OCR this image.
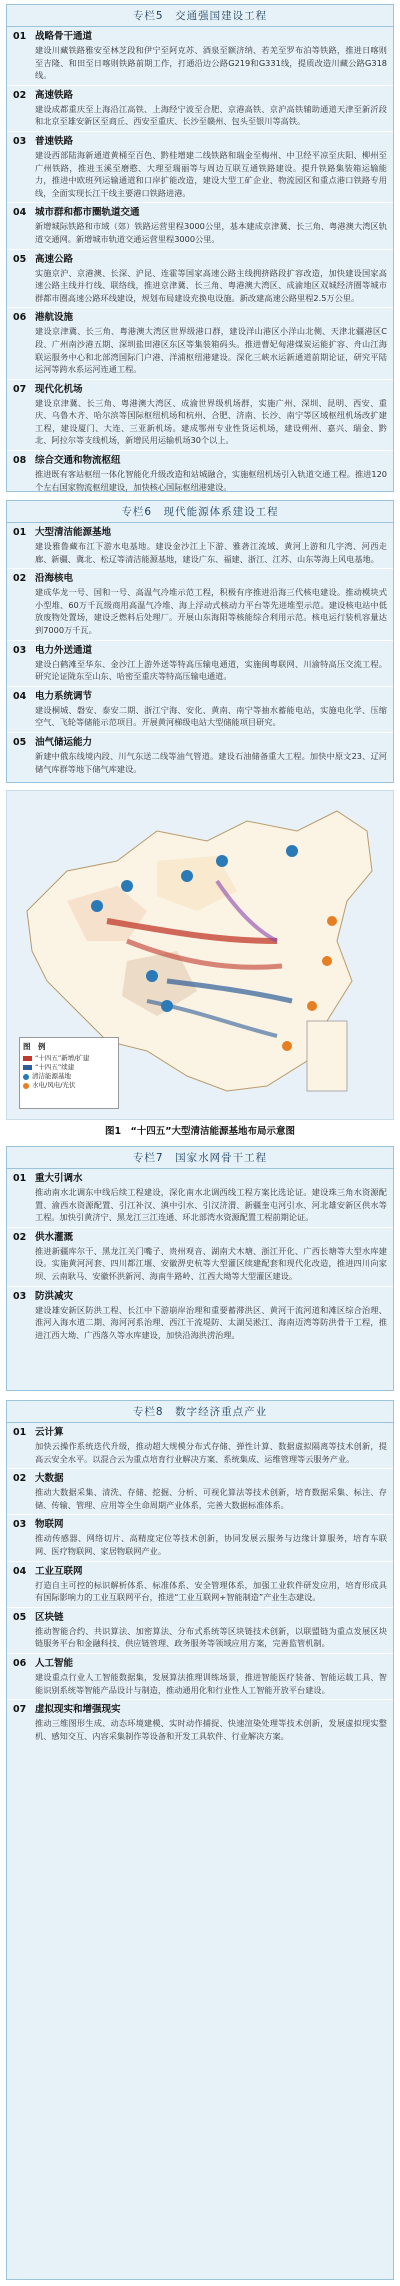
专栏5　交通强国建设工程
01 战略骨干通道
建设川藏铁路雅安至林芝段和伊宁至阿克苏、酒泉至额济纳、若羌至罗布泊等铁路，推进日喀则至吉隆、和田至日喀则铁路前期工作，打通沿边公路G219和G331线，提质改造川藏公路G318线。
02 高速铁路
建设成都重庆至上海沿江高铁、上海经宁波至合肥、京港高铁、京沪高铁辅助通道天津至新沂段和北京至雄安新区至商丘、西安至重庆、长沙至赣州、包头至银川等高铁。
03 普速铁路
建设西部陆海新通道黄桶至百色、黔桂增建二线铁路和瑞金至梅州、中卫经平凉至庆阳、柳州至广州铁路，推进玉溪至磨憨、大理至瑞丽等与周边互联互通铁路建设。提升铁路集装箱运输能力，推进中欧班列运输通道和口岸扩能改造，建设大型工矿企业、物流园区和重点港口铁路专用线，全面实现长江干线主要港口铁路进港。
04 城市群和都市圈轨道交通
新增城际铁路和市域（郊）铁路运营里程3000公里，基本建成京津冀、长三角、粤港澳大湾区轨道交通网。新增城市轨道交通运营里程3000公里。
05 高速公路
实施京沪、京港澳、长深、沪昆、连霍等国家高速公路主线拥挤路段扩容改造，加快建设国家高速公路主线并行线、联络线，推进京津冀、长三角、粤港澳大湾区、成渝地区双城经济圈等城市群都市圈高速公路环线建设，规划布局建设充换电设施。新改建高速公路里程2.5万公里。
06 港航设施
建设京津冀、长三角、粤港澳大湾区世界级港口群，建设洋山港区小洋山北侧、天津北疆港区C段、广州南沙港五期、深圳盐田港区东区等集装箱码头。推进曹妃甸港煤炭运能扩容、舟山江海联运服务中心和北部湾国际门户港、洋浦枢纽港建设。深化三峡水运新通道前期论证，研究平陆运河等跨水系运河连通工程。
07 现代化机场
建设京津冀、长三角、粤港澳大湾区、成渝世界级机场群，实施广州、深圳、昆明、西安、重庆、乌鲁木齐、哈尔滨等国际枢纽机场和杭州、合肥、济南、长沙、南宁等区域枢纽机场改扩建工程，建设厦门、大连、三亚新机场。建成鄂州专业性货运机场，建设朔州、嘉兴、瑞金、黔北、阿拉尔等支线机场，新增民用运输机场30个以上。
08 综合交通和物流枢纽
推进既有客站枢纽一体化智能化升级改造和站城融合，实施枢纽机场引入轨道交通工程。推进120个左右国家物流枢纽建设，加快核心国际枢纽港建设。
专栏6　现代能源体系建设工程
01 大型清洁能源基地
建设雅鲁藏布江下游水电基地。建设金沙江上下游、雅砻江流域、黄河上游和几字湾、河西走廊、新疆、冀北、松辽等清洁能源基地，建设广东、福建、浙江、江苏、山东等海上风电基地。
02 沿海核电
建成华龙一号、国和一号、高温气冷堆示范工程，积极有序推进沿海三代核电建设。推动模块式小型堆、60万千瓦级商用高温气冷堆、海上浮动式核动力平台等先进堆型示范。建设核电站中低放废物处置场，建设乏燃料后处理厂。开展山东海阳等核能综合利用示范。核电运行装机容量达到7000万千瓦。
03 电力外送通道
建设白鹤滩至华东、金沙江上游外送等特高压输电通道，实施闽粤联网、川渝特高压交流工程。研究论证陇东至山东、哈密至重庆等特高压输电通道。
04 电力系统调节
建设桐城、磐安、泰安二期、浙江宁海、安化、黄南、南宁等抽水蓄能电站，实施电化学、压缩空气、飞轮等储能示范项目。开展黄河梯级电站大型储能项目研究。
05 油气储运能力
新建中俄东线境内段、川气东送二线等油气管道。建设石油储备重大工程。加快中原文23、辽河储气库群等地下储气库建设。
图　例
“十四五”新增/扩建
“十四五”续建
清洁能源基地
水电/风电/光伏
图1　“十四五”大型清洁能源基地布局示意图
专栏7　国家水网骨干工程
01 重大引调水
推动南水北调东中线后续工程建设，深化南水北调西线工程方案比选论证。建设珠三角水资源配置、渝西水资源配置、引江补汉、滇中引水、引汉济渭、新疆奎屯河引水、河北雄安新区供水等工程。加快引黄济宁、黑龙江三江连通、环北部湾水资源配置工程前期论证。
02 供水灌溉
推进新疆库尔干、黑龙江关门嘴子、贵州观音、湖南犬木塘、浙江开化、广西长塘等大型水库建设。实施黄河河套、四川都江堰、安徽淠史杭等大型灌区续建配套和现代化改造，推进四川向家坝、云南耿马、安徽怀洪新河、海南牛路岭、江西大坳等大型灌区建设。
03 防洪减灾
建设雄安新区防洪工程、长江中下游崩岸治理和重要蓄滞洪区、黄河干流河道和滩区综合治理、淮河入海水道二期、海河河系治理、西江干流堤防、太湖吴淞江、海南迈湾等防洪骨干工程，推进江西大坳、广西落久等水库建设，加快沿海洪涝治理。
专栏8　数字经济重点产业
01 云计算
加快云操作系统迭代升级，推动超大规模分布式存储、弹性计算、数据虚拟隔离等技术创新，提高云安全水平。以混合云为重点培育行业解决方案、系统集成、运维管理等云服务产业。
02 大数据
推动大数据采集、清洗、存储、挖掘、分析、可视化算法等技术创新，培育数据采集、标注、存储、传输、管理、应用等全生命周期产业体系，完善大数据标准体系。
03 物联网
推动传感器、网络切片、高精度定位等技术创新，协同发展云服务与边缘计算服务，培育车联网、医疗物联网、家居物联网产业。
04 工业互联网
打造自主可控的标识解析体系、标准体系、安全管理体系，加强工业软件研发应用，培育形成具有国际影响力的工业互联网平台，推进“工业互联网+智能制造”产业生态建设。
05 区块链
推动智能合约、共识算法、加密算法、分布式系统等区块链技术创新，以联盟链为重点发展区块链服务平台和金融科技、供应链管理、政务服务等领域应用方案，完善监管机制。
06 人工智能
建设重点行业人工智能数据集，发展算法推理训练场景，推进智能医疗装备、智能运载工具、智能识别系统等智能产品设计与制造，推动通用化和行业性人工智能开放平台建设。
07 虚拟现实和增强现实
推动三维图形生成、动态环境建模、实时动作捕捉、快速渲染处理等技术创新，发展虚拟现实整机、感知交互、内容采集制作等设备和开发工具软件、行业解决方案。
